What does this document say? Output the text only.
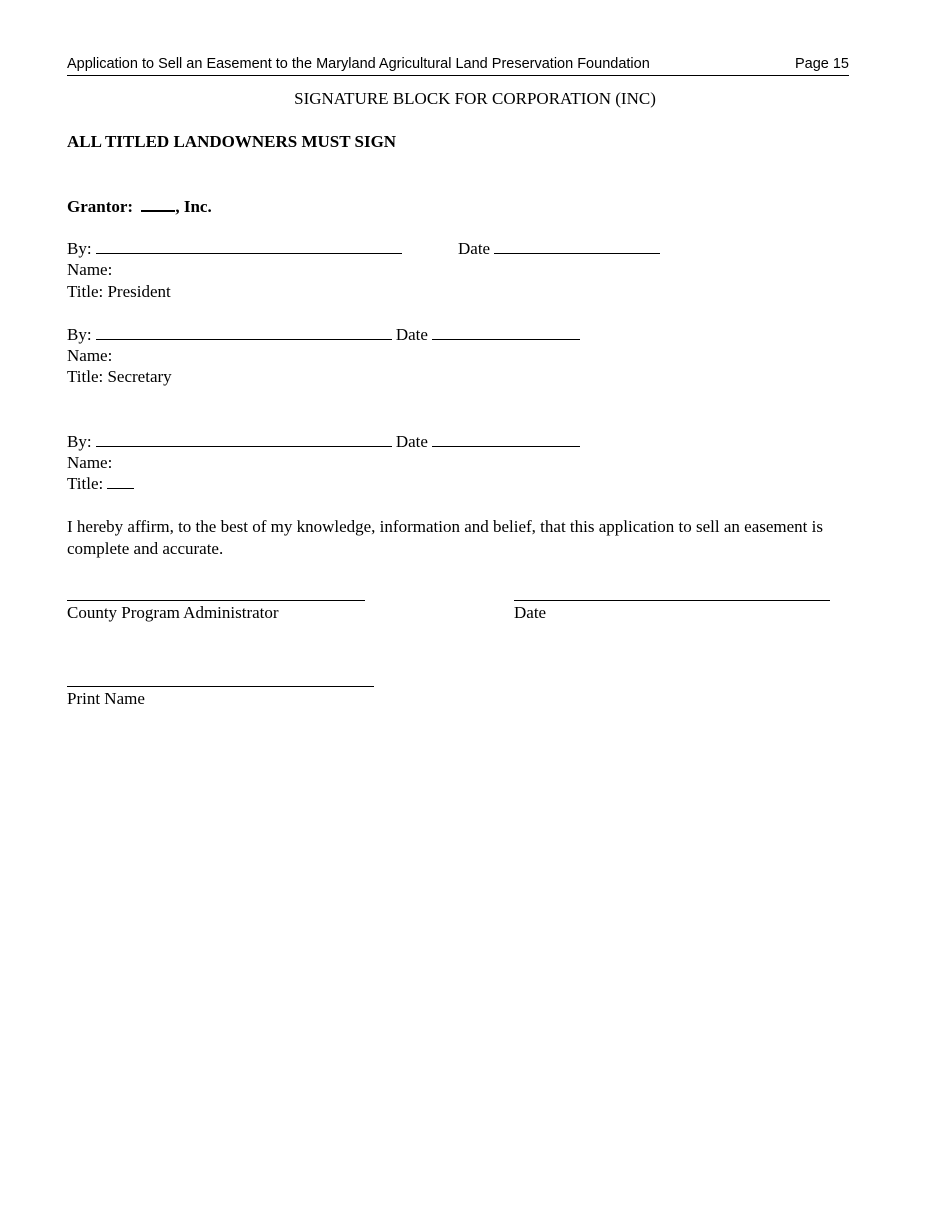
Application to Sell an Easement to the Maryland Agricultural Land Preservation Foundation	Page 15
SIGNATURE BLOCK FOR CORPORATION (INC)
ALL TITLED LANDOWNERS MUST SIGN
Grantor: , Inc.
By:	Date
Name:
Title: President
By:	Date
Name:
Title: Secretary
By:	Date
Name:
Title:
I hereby affirm, to the best of my knowledge, information and belief, that this application to sell an easement is complete and accurate.
County Program Administrator	Date
Print Name
